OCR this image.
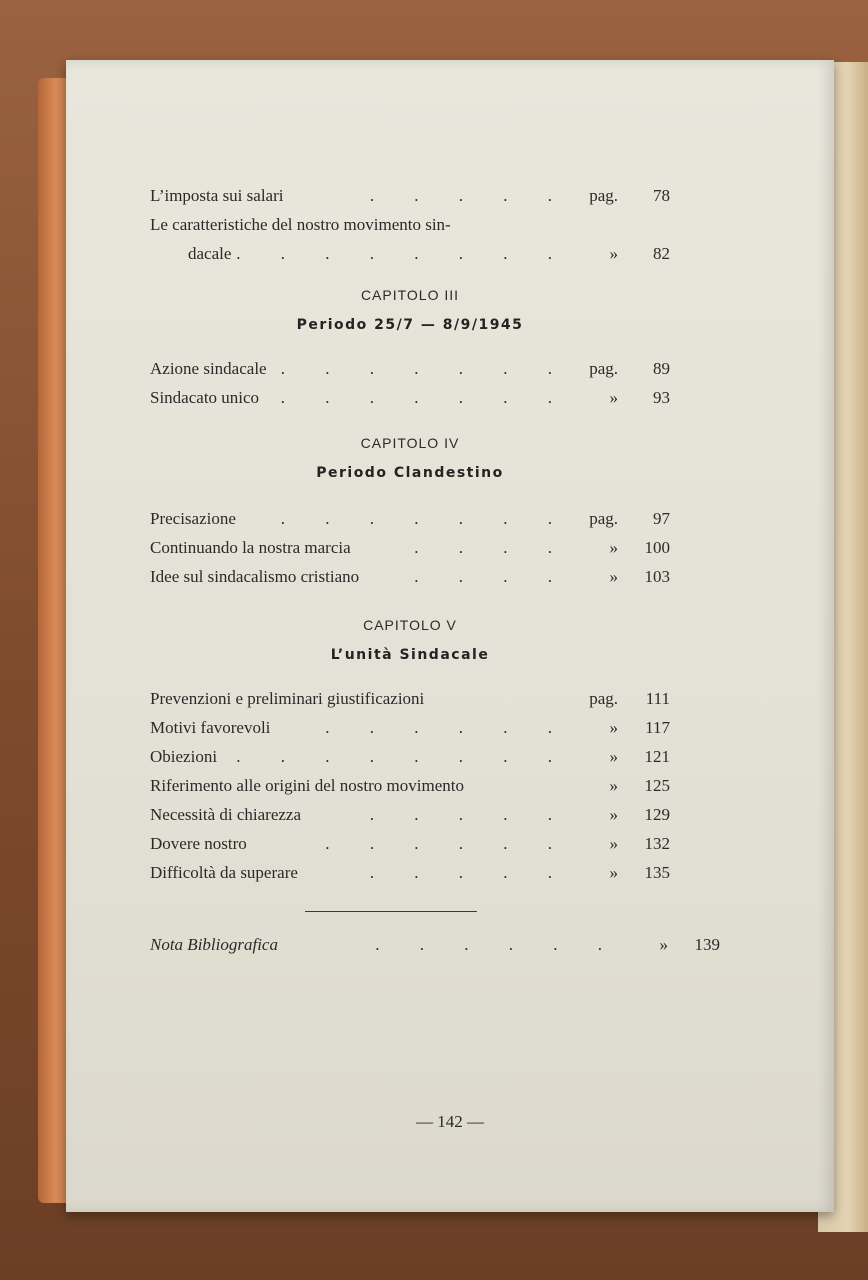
L’imposta sui salari	. . . . . pag.	78
Le caratteristiche del nostro movimento sin-
dacale . . . . . . . . »	82
CAPITOLO III
Periodo 25/7 — 8/9/1945
Azione sindacale . . . . . . . pag.	89
Sindacato unico	. . . . . . . »	93
CAPITOLO IV
Periodo Clandestino
Precisazione	. . . . . . . pag.	97
Continuando la nostra marcia	. . . . »	100
Idee sul sindacalismo cristiano	. . . . »	103
CAPITOLO V
L’unità Sindacale
Prevenzioni e preliminari giustificazioni	pag.	111
Motivi favorevoli	. . . . . . »	117
Obiezioni	. . . . . . . . »	121
Riferimento alle origini del nostro movimento	»	125
Necessità di chiarezza	. . . . . »	129
Dovere nostro	. . . . . . »	132
Difficoltà da superare	. . . . . »	135
Nota Bibliografica	. . . . . . »	139
— 142 —
